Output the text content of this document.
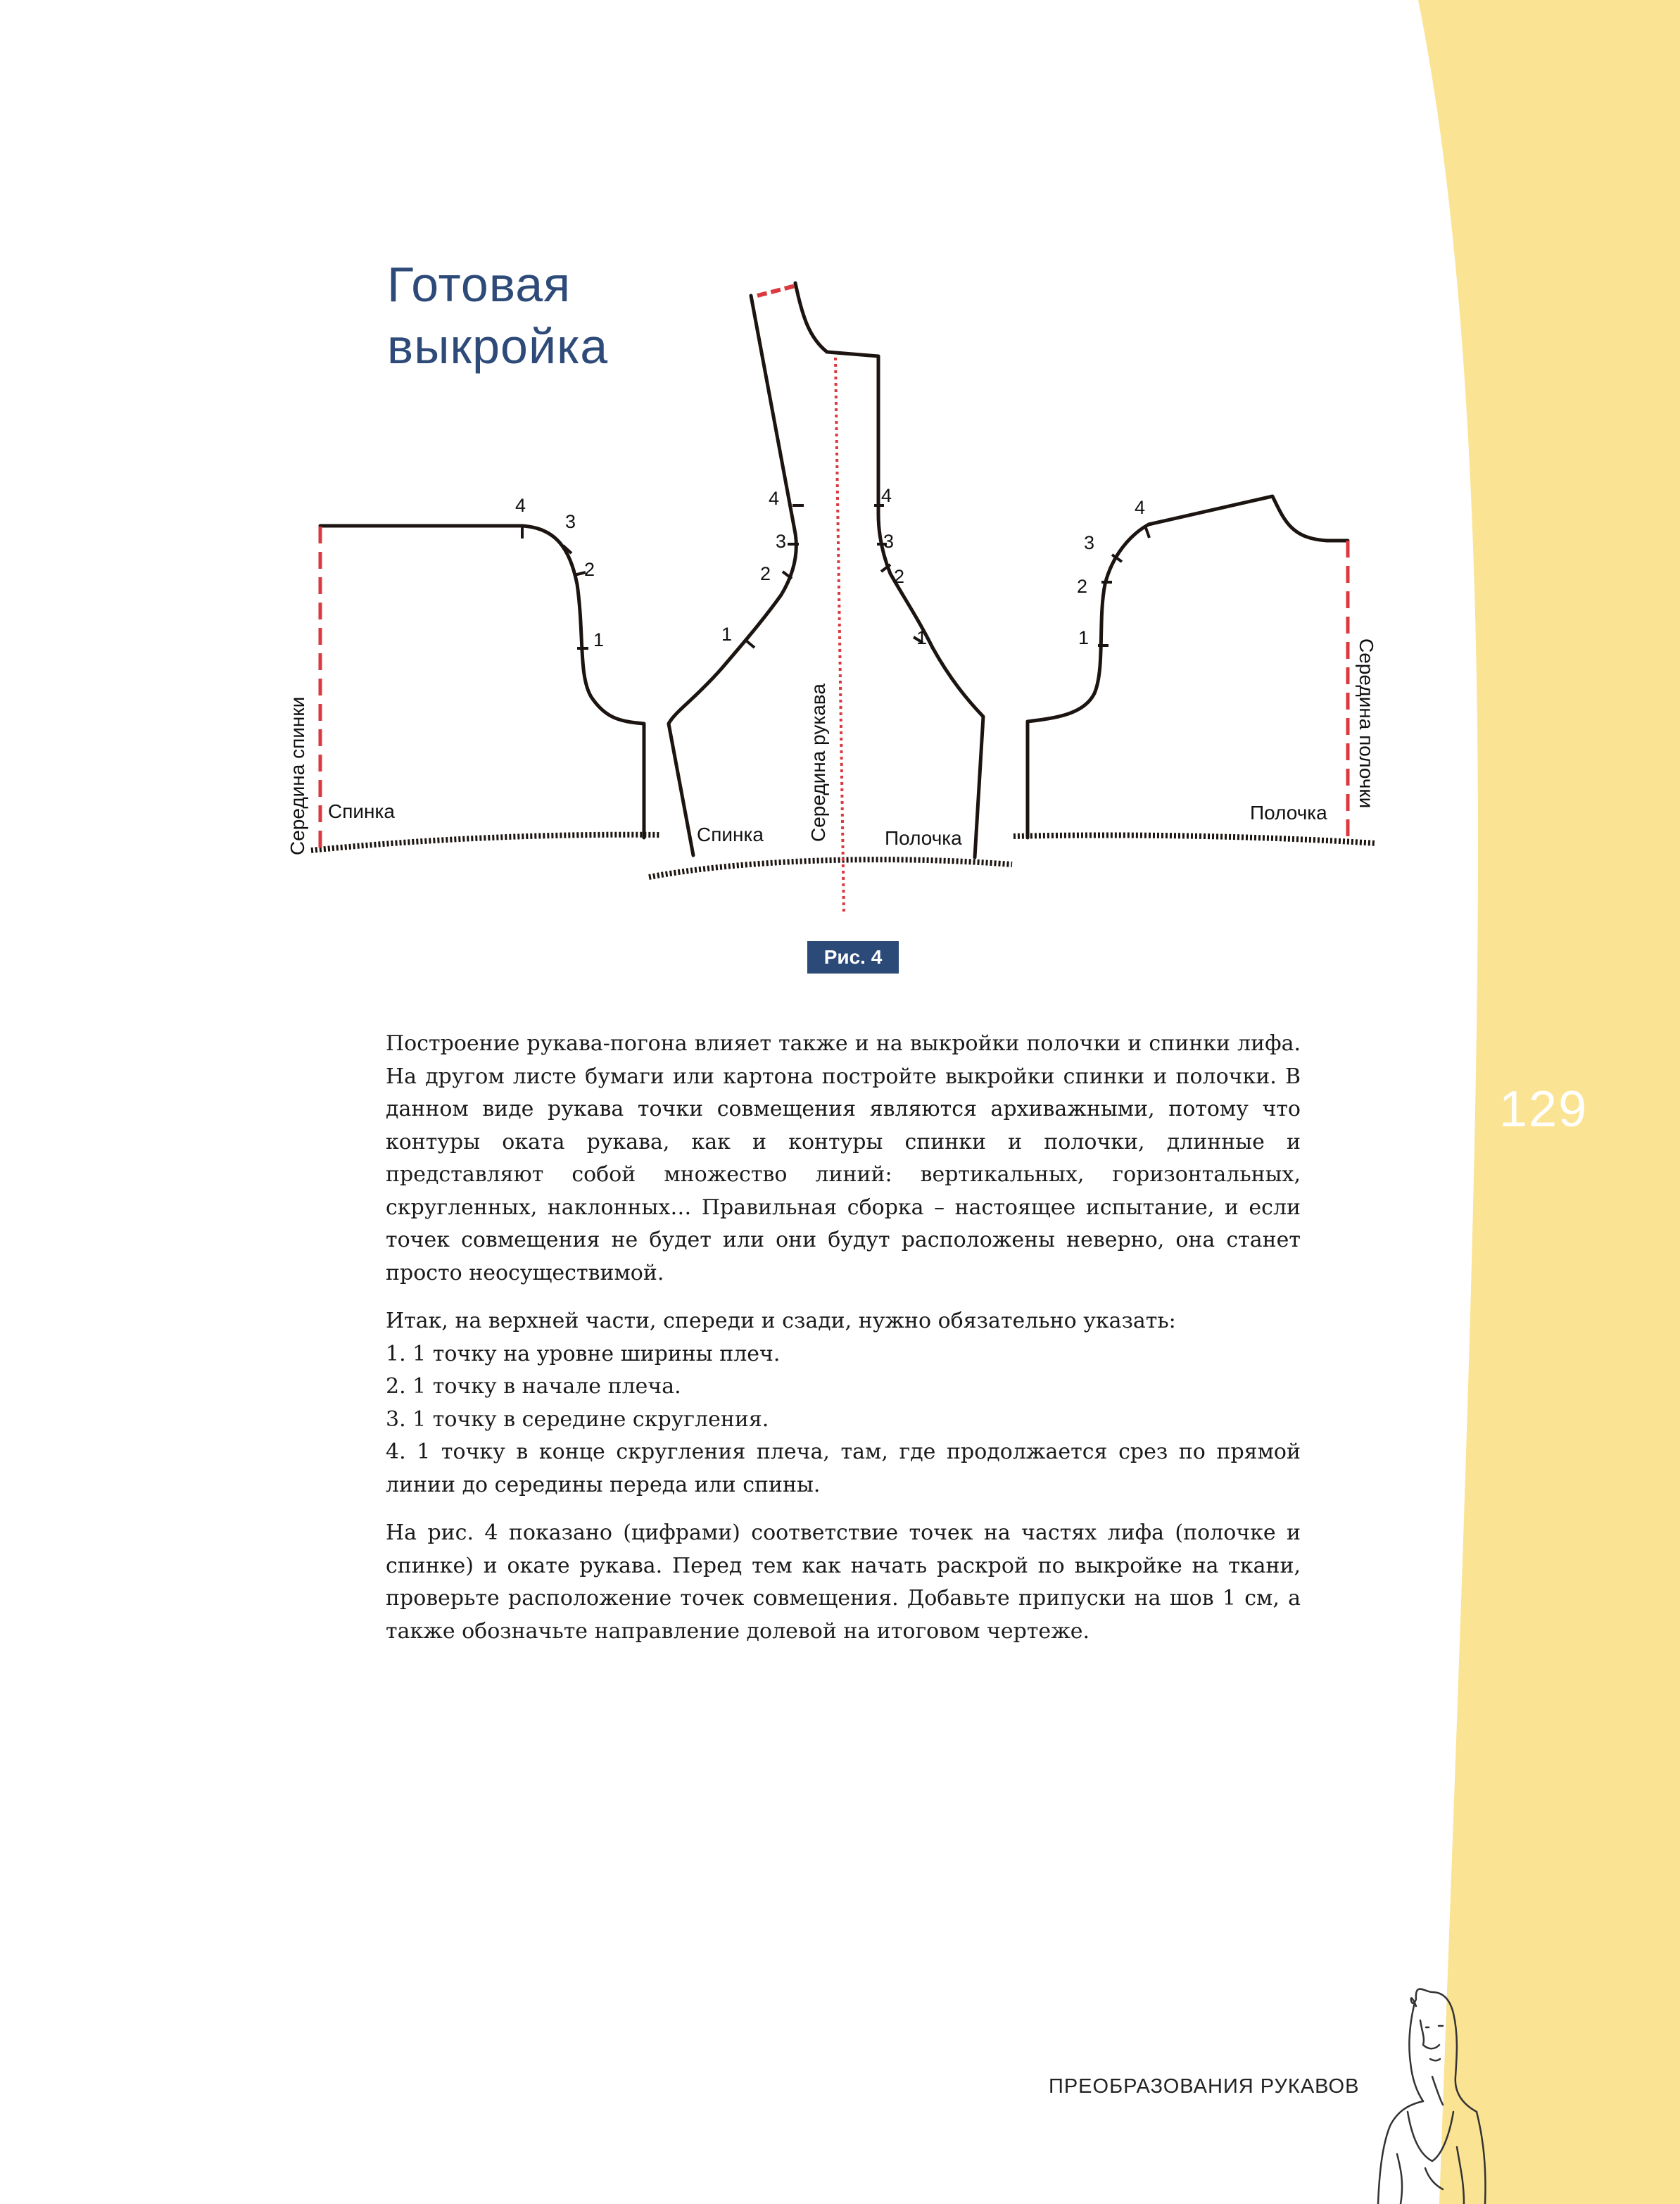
Готовая
выкройка
4
3
2
1
4
3
2
1
4
3
2
1
4
3
2
1
Середина спинки Спинка
Спинка Середина рукава	Полочка
Полочка
Середина полочки
Рис. 4

Построение рукава-погона влияет также и на выкройки полочки и спинки лифа. На другом листе бумаги или картона постройте выкройки спинки и полочки. В данном виде рукава точки совмещения являются архиважными, потому что контуры оката рукава, как и контуры спинки и полочки, длинные и представляют собой множество линий: вертикальных, горизонтальных, скругленных, наклонных… Правильная сборка – настоящее испытание, и если точек совмещения не будет или они будут расположены неверно, она станет просто неосуществимой.

Итак, на верхней части, спереди и сзади, нужно обязательно указать:
1. 1 точку на уровне ширины плеч.
2. 1 точку в начале плеча.
3. 1 точку в середине скругления.
4. 1 точку в конце скругления плеча, там, где продолжается срез по прямой линии до середины переда или спины.

На рис. 4 показано (цифрами) соответствие точек на частях лифа (полочке и спинке) и окате рукава. Перед тем как начать раскрой по выкройке на ткани, проверьте расположение точек совмещения. Добавьте припуски на шов 1 см, а также обозначьте направление долевой на итоговом чертеже.

129
ПРЕОБРАЗОВАНИЯ РУКАВОВ
